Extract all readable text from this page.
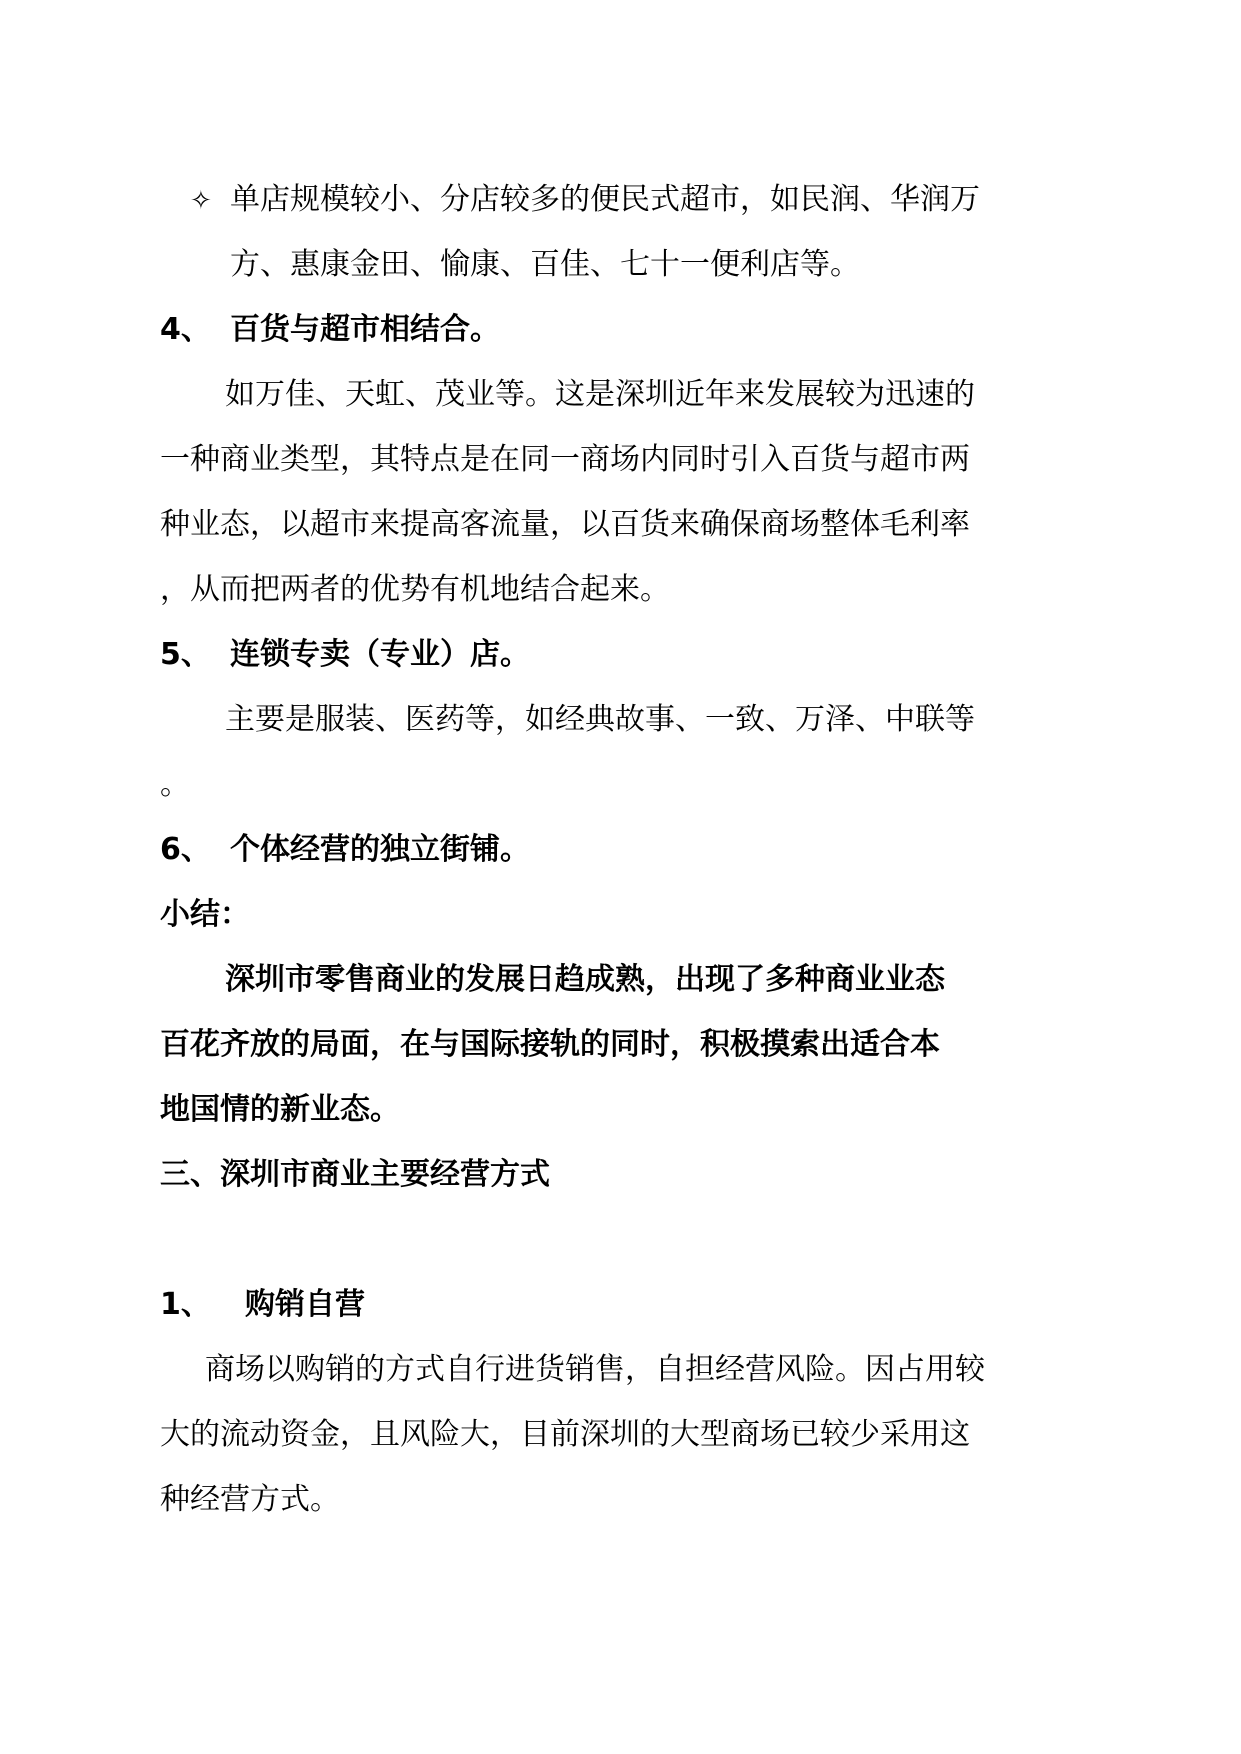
✧ 单店规模较小、分店较多的便民式超市，如民润、华润万
方、惠康金田、愉康、百佳、七十一便利店等。
4、 百货与超市相结合。
如万佳、天虹、茂业等。这是深圳近年来发展较为迅速的
一种商业类型，其特点是在同一商场内同时引入百货与超市两
种业态，以超市来提高客流量，以百货来确保商场整体毛利率
，从而把两者的优势有机地结合起来。
5、 连锁专卖（专业）店。
主要是服装、医药等，如经典故事、一致、万泽、中联等
。
6、 个体经营的独立街铺。
小结：
深圳市零售商业的发展日趋成熟，出现了多种商业业态
百花齐放的局面，在与国际接轨的同时，积极摸索出适合本
地国情的新业态。
三、深圳市商业主要经营方式
1、 购销自营
商场以购销的方式自行进货销售，自担经营风险。因占用较
大的流动资金，且风险大，目前深圳的大型商场已较少采用这
种经营方式。
